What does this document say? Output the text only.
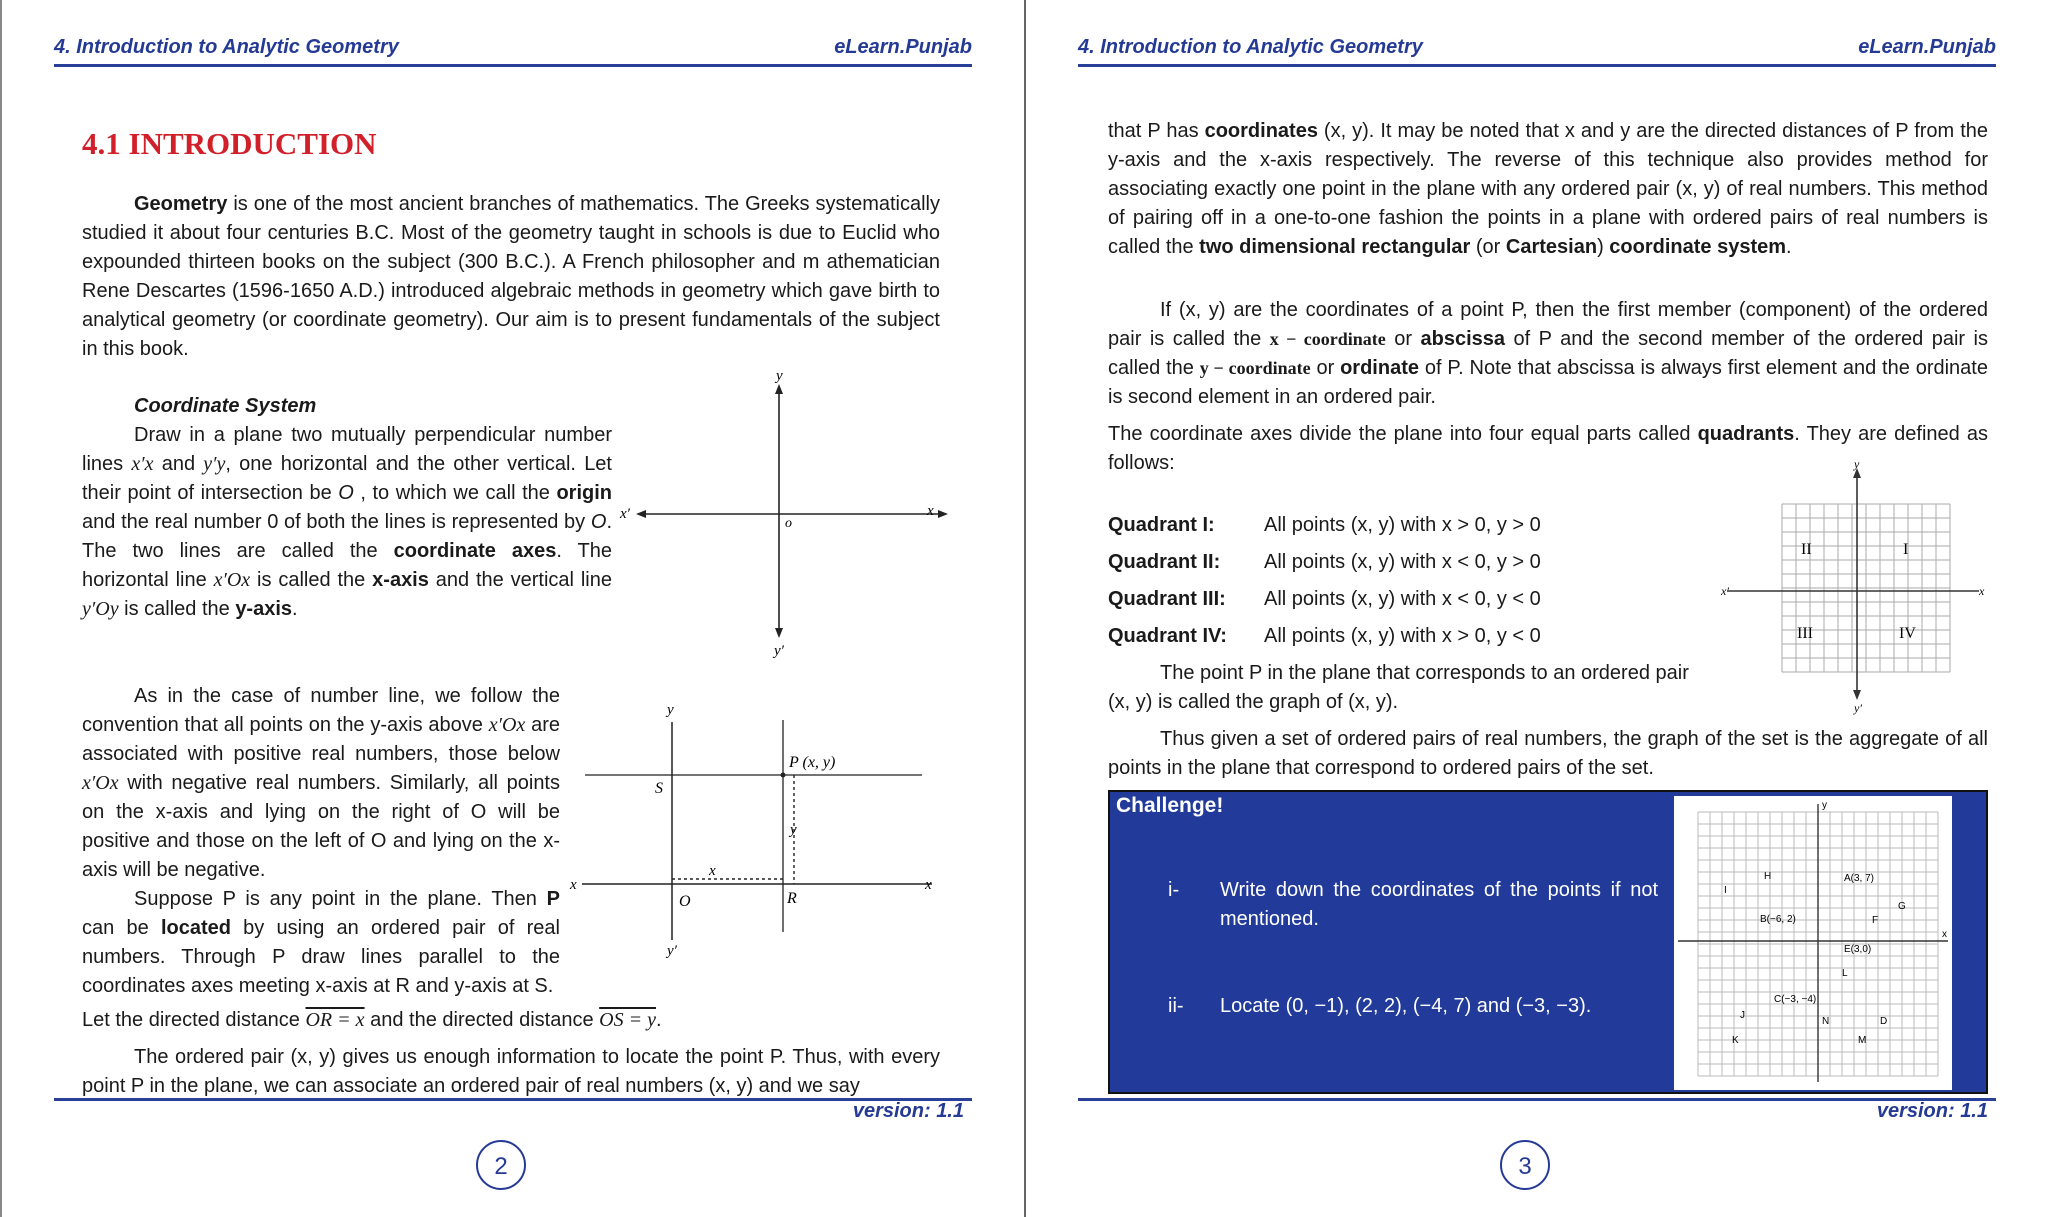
4. Introduction to Analytic Geometry	eLearn.Punjab
4.1 INTRODUCTION

Geometry is one of the most ancient branches of mathematics. The Greeks systematically studied it about four centuries B.C. Most of the geometry taught in schools is due to Euclid who expounded thirteen books on the subject (300 B.C.). A French philosopher and m athematician Rene Descartes (1596-1650 A.D.) introduced algebraic methods in geometry which gave birth to analytical geometry (or coordinate geometry). Our aim is to present fundamentals of the subject in this book.

Coordinate System

Draw in a plane two mutually perpendicular number lines x′x and y′y, one horizontal and the other vertical. Let their point of intersection be O , to which we call the origin and the real number 0 of both the lines is represented by O. The two lines are called the coordinate axes. The horizontal line x′Ox is called the x-axis and the vertical line y′Oy is called the y-axis.

y
y′
x′	x
o

As in the case of number line, we follow the convention that all points on the y-axis above x′Ox are associated with positive real numbers, those below x′Ox with negative real numbers. Similarly, all points on the x-axis and lying on the right of O will be positive and those on the left of O and lying on the x-axis will be negative.

Suppose P is any point in the plane. Then P can be located by using an ordered pair of real numbers. Through P draw lines parallel to the coordinates axes meeting x-axis at R and y-axis at S.

y
y′
x	x
O
S
R
P (x, y)
x
y

Let the directed distance OR = x and the directed distance OS = y.

The ordered pair (x, y) gives us enough information to locate the point P. Thus, with every point P in the plane, we can associate an ordered pair of real numbers (x, y) and we say

version: 1.1
2
4. Introduction to Analytic Geometry	eLearn.Punjab

that P has coordinates (x, y). It may be noted that x and y are the directed distances of P from the y-axis and the x-axis respectively. The reverse of this technique also provides method for associating exactly one point in the plane with any ordered pair (x, y) of real numbers. This method of pairing off in a one-to-one fashion the points in a plane with ordered pairs of real numbers is called the two dimensional rectangular (or Cartesian) coordinate system.

If (x, y) are the coordinates of a point P, then the first member (component) of the ordered pair is called the x − coordinate or abscissa of P and the second member of the ordered pair is called the y − coordinate or ordinate of P. Note that abscissa is always first element and the ordinate is second element in an ordered pair.

The coordinate axes divide the plane into four equal parts called quadrants. They are defined as follows:

Quadrant I:	All points (x, y) with x > 0, y > 0
Quadrant II:	All points (x, y) with x < 0, y > 0
Quadrant III:	All points (x, y) with x < 0, y < 0
Quadrant IV:	All points (x, y) with x > 0, y < 0
y
y′
x′	x
II	I
III	IV

The point P in the plane that corresponds to an ordered pair

(x, y) is called the graph of (x, y).

Thus given a set of ordered pairs of real numbers, the graph of the set is the aggregate of all points in the plane that correspond to ordered pairs of the set.

Challenge!
i- Write down the coordinates of the points if not mentioned.
ii- Locate (0, −1), (2, 2), (−4, 7) and (−3, −3).
A(3, 7)
B(−6, 2)
C(−3, −4)
E(3,0)
H
I
G
F
L
J
N	D
K	M
x
y
version: 1.1
3
